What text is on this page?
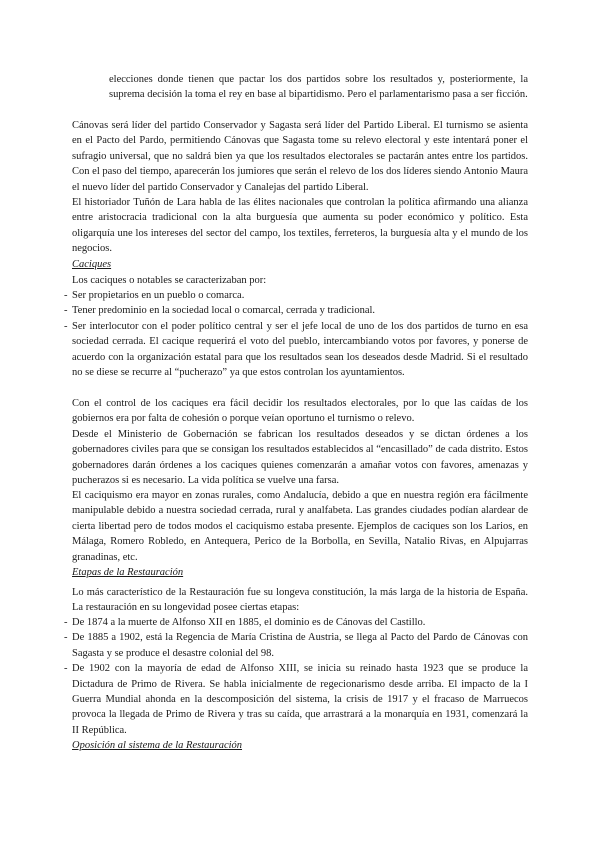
elecciones donde tienen que pactar los dos partidos sobre los resultados y, posteriormente, la suprema decisión la toma el rey en base al bipartidismo. Pero el parlamentarismo pasa a ser ficción.

Cánovas será líder del partido Conservador y Sagasta será líder del Partido Liberal. El turnismo se asienta en el Pacto del Pardo, permitiendo Cánovas que Sagasta tome su relevo electoral y este intentará poner el sufragio universal, que no saldrá bien ya que los resultados electorales se pactarán antes entre los partidos. Con el paso del tiempo, aparecerán los jumiores que serán el relevo de los dos líderes siendo Antonio Maura el nuevo líder del partido Conservador y Canalejas del partido Liberal.

El historiador Tuñón de Lara habla de las élites nacionales que controlan la política afirmando una alianza entre aristocracia tradicional con la alta burguesía que aumenta su poder económico y político. Esta oligarquía une los intereses del sector del campo, los textiles, ferreteros, la burguesía alta y el mundo de los negocios.

Caciques

Los caciques o notables se caracterizaban por:

- Ser propietarios en un pueblo o comarca.
- Tener predominio en la sociedad local o comarcal, cerrada y tradicional.
- Ser interlocutor con el poder político central y ser el jefe local de uno de los dos partidos de turno en esa sociedad cerrada. El cacique requerirá el voto del pueblo, intercambiando votos por favores, y ponerse de acuerdo con la organización estatal para que los resultados sean los deseados desde Madrid. Si el resultado no se diese se recurre al “pucherazo” ya que estos controlan los ayuntamientos.

Con el control de los caciques era fácil decidir los resultados electorales, por lo que las caídas de los gobiernos era por falta de cohesión o porque veían oportuno el turnismo o relevo.

Desde el Ministerio de Gobernación se fabrican los resultados deseados y se dictan órdenes a los gobernadores civiles para que se consigan los resultados establecidos al “encasillado” de cada distrito. Estos gobernadores darán órdenes a los caciques quienes comenzarán a amañar votos con favores, amenazas y pucherazos si es necesario. La vida política se vuelve una farsa.

El caciquismo era mayor en zonas rurales, como Andalucía, debido a que en nuestra región era fácilmente manipulable debido a nuestra sociedad cerrada, rural y analfabeta. Las grandes ciudades podían alardear de cierta libertad pero de todos modos el caciquismo estaba presente. Ejemplos de caciques son los Larios, en Málaga, Romero Robledo, en Antequera, Perico de la Borbolla, en Sevilla, Natalio Rivas, en Alpujarras granadinas, etc.

Etapas de la Restauración

Lo más característico de la Restauración fue su longeva constitución, la más larga de la historia de España. La restauración en su longevidad posee ciertas etapas:

- De 1874 a la muerte de Alfonso XII en 1885, el dominio es de Cánovas del Castillo.
- De 1885 a 1902, está la Regencia de María Cristina de Austria, se llega al Pacto del Pardo de Cánovas con Sagasta y se produce el desastre colonial del 98.
- De 1902 con la mayoría de edad de Alfonso XIII, se inicia su reinado hasta 1923 que se produce la Dictadura de Primo de Rivera. Se habla inicialmente de regecionarismo desde arriba. El impacto de la I Guerra Mundial ahonda en la descomposición del sistema, la crisis de 1917 y el fracaso de Marruecos provoca la llegada de Primo de Rivera y tras su caída, que arrastrará a la monarquía en 1931, comenzará la II República.

Oposición al sistema de la Restauración
